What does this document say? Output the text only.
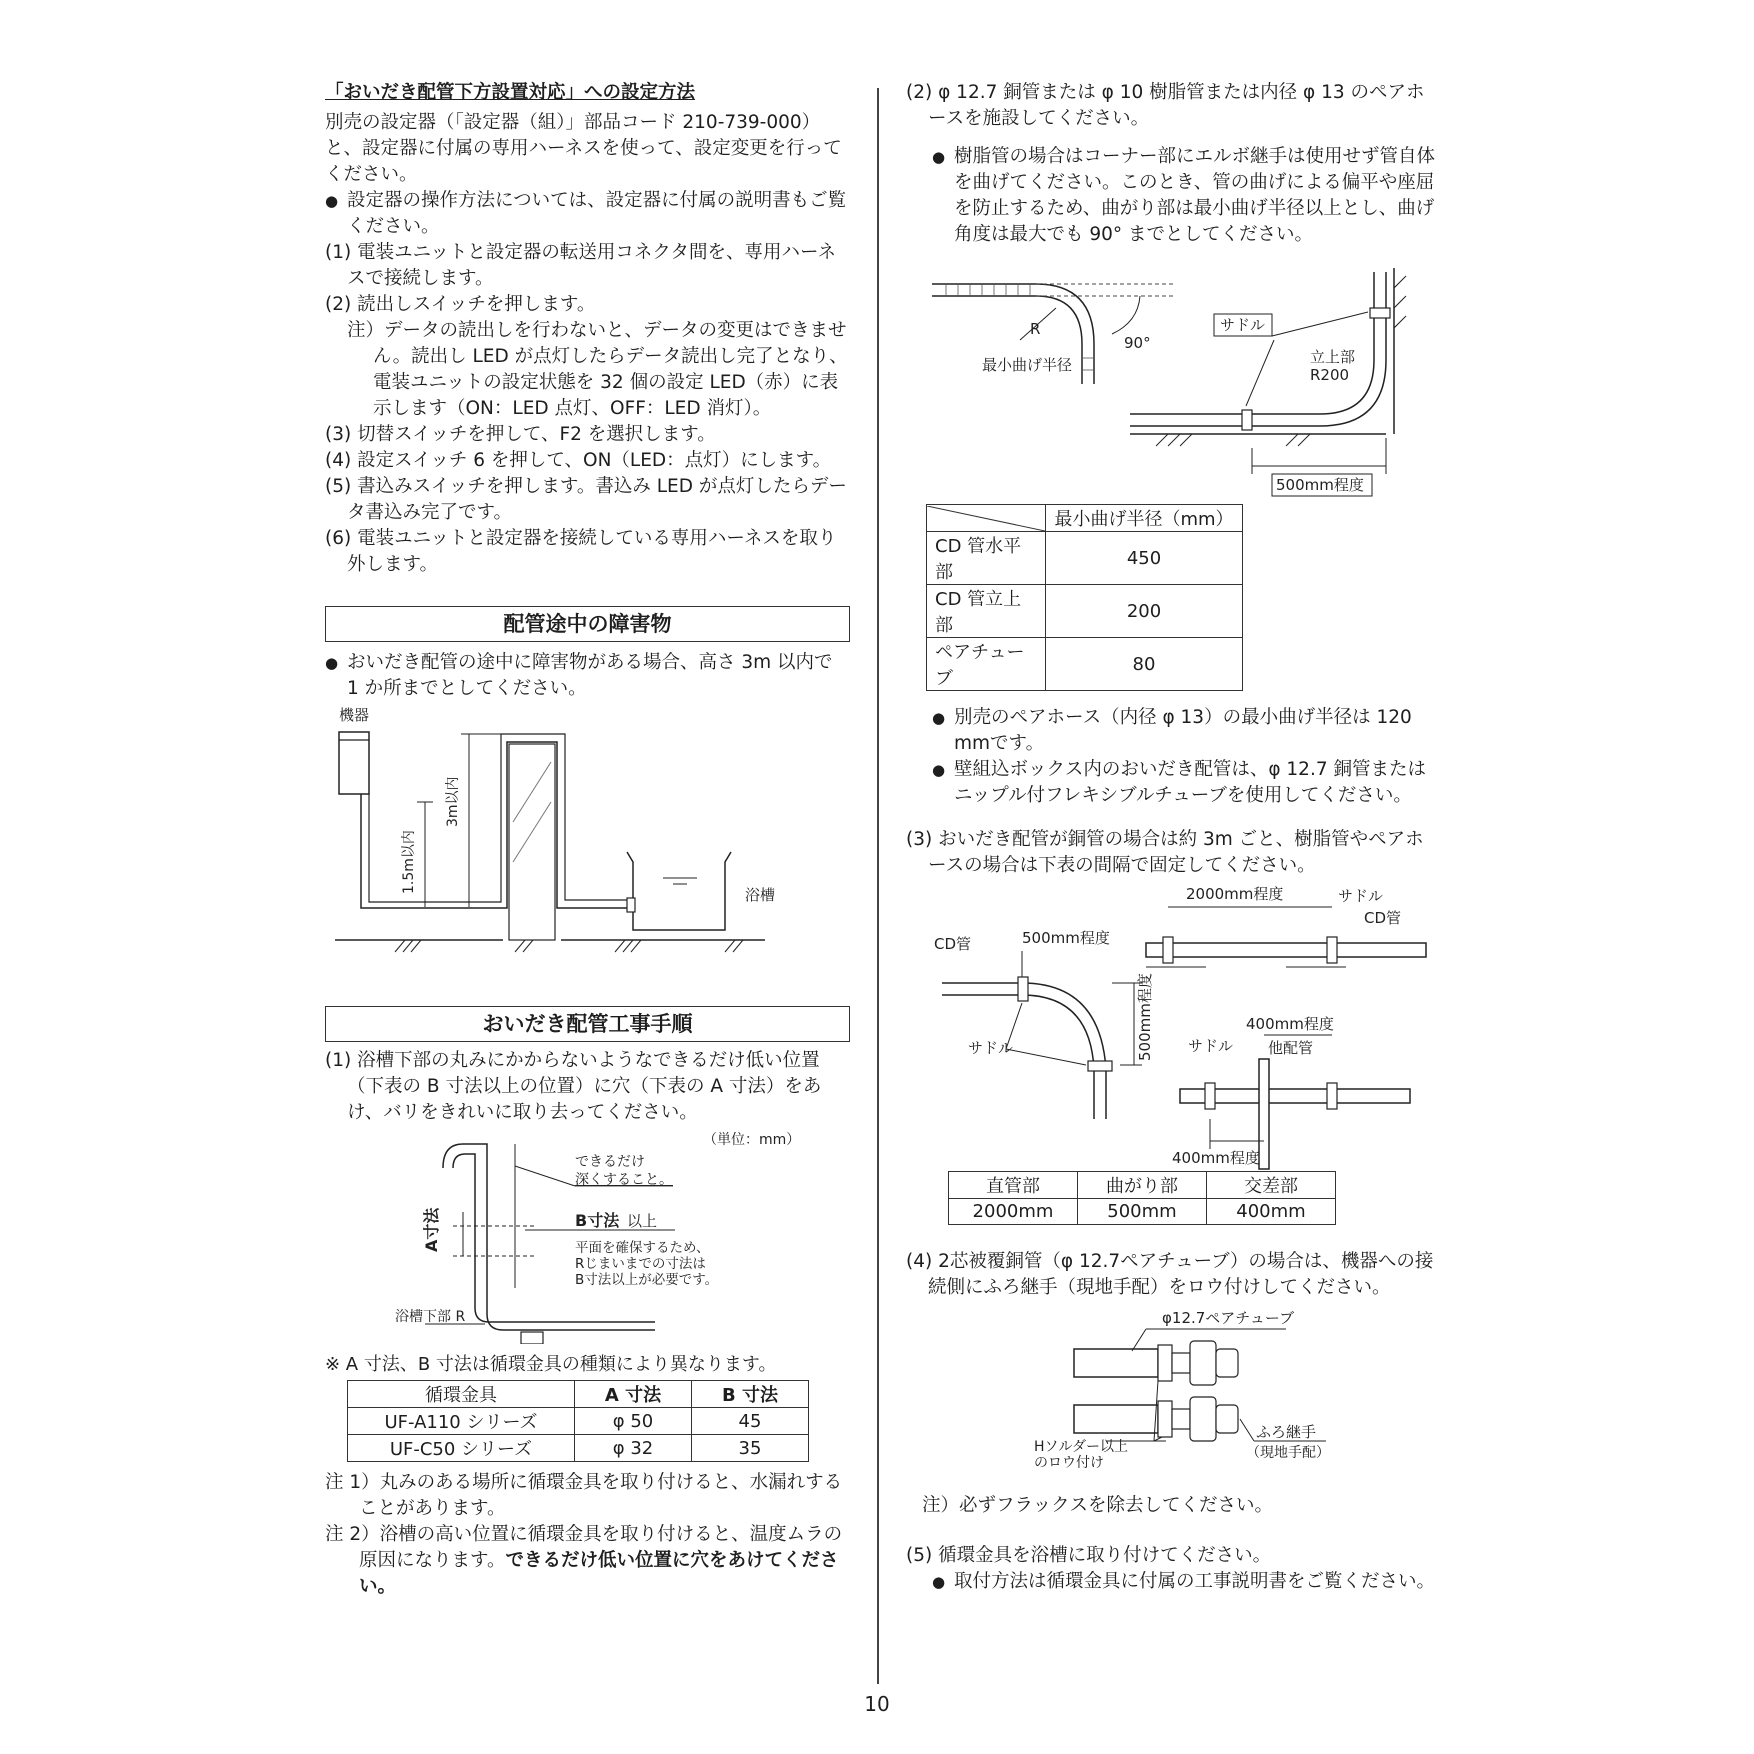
「おいだき配管下方設置対応」への設定方法

別売の設定器（「設定器（組）」部品コード 210-739-000）と、設定器に付属の専用ハーネスを使って、設定変更を行ってください。

● 設定器の操作方法については、設定器に付属の説明書もご覧ください。

(1) 電装ユニットと設定器の転送用コネクタ間を、専用ハーネスで接続します。

(2) 読出しスイッチを押します。

注）データの読出しを行わないと、データの変更はできません。読出し LED が点灯したらデータ読出し完了となり、電装ユニットの設定状態を 32 個の設定 LED（赤）に表示します（ON：LED 点灯、OFF：LED 消灯）。

(3) 切替スイッチを押して、F2 を選択します。

(4) 設定スイッチ 6 を押して、ON（LED：点灯）にします。

(5) 書込みスイッチを押します。書込み LED が点灯したらデータ書込み完了です。

(6) 電装ユニットと設定器を接続している専用ハーネスを取り外します。

配管途中の障害物

● おいだき配管の途中に障害物がある場合、高さ 3m 以内で 1 か所までとしてください。

機器
1.5m以内
3m以内
浴槽
おいだき配管工事手順

(1) 浴槽下部の丸みにかからないようなできるだけ低い位置（下表の B 寸法以上の位置）に穴（下表の A 寸法）をあけ、バリをきれいに取り去ってください。

（単位：mm）
A寸法
できるだけ
深くすること。
B寸法 以上
平面を確保するため、
Rじまいまでの寸法は
B寸法以上が必要です。
浴槽下部 R

※ A 寸法、B 寸法は循環金具の種類により異なります。

循環金具	A 寸法	B 寸法
UF-A110 シリーズ	φ 50	45
UF-C50 シリーズ	φ 32	35

注 1）丸みのある場所に循環金具を取り付けると、水漏れすることがあります。

注 2）浴槽の高い位置に循環金具を取り付けると、温度ムラの原因になります。できるだけ低い位置に穴をあけてください。

(2) φ 12.7 銅管または φ 10 樹脂管または内径 φ 13 のペアホースを施設してください。

● 樹脂管の場合はコーナー部にエルボ継手は使用せず管自体を曲げてください。このとき、管の曲げによる偏平や座屈を防止するため、曲がり部は最小曲げ半径以上とし、曲げ角度は最大でも 90° までとしてください。

R
最小曲げ半径
90°
サドル
立上部
R200
500mm程度
	最小曲げ半径（mm）
CD 管水平部	450
CD 管立上部	200
ペアチューブ	80

● 別売のペアホース（内径 φ 13）の最小曲げ半径は 120 mmです。

● 壁組込ボックス内のおいだき配管は、φ 12.7 銅管またはニップル付フレキシブルチューブを使用してください。

(3) おいだき配管が銅管の場合は約 3m ごと、樹脂管やペアホースの場合は下表の間隔で固定してください。

2000mm程度	サドル
CD管
CD管	500mm程度
500mm程度
サドル
400mm程度
サドル 他配管
400mm程度
直管部	曲がり部	交差部
2000mm	500mm	400mm

(4) 2芯被覆銅管（φ 12.7ペアチューブ）の場合は、機器への接続側にふろ継手（現地手配）をロウ付けしてください。

φ12.7ペアチューブ
Hソルダー以上
のロウ付け
ふろ継手
（現地手配）

注）必ずフラックスを除去してください。

(5) 循環金具を浴槽に取り付けてください。

● 取付方法は循環金具に付属の工事説明書をご覧ください。

10
